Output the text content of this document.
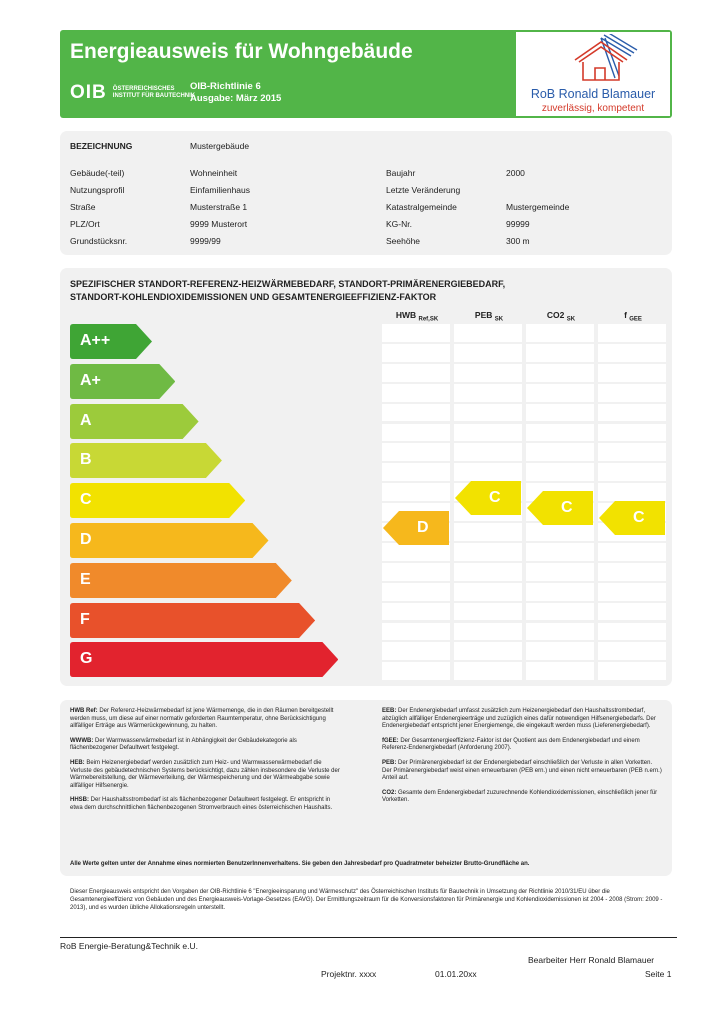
Energieausweis für Wohngebäude
OIB ÖSTERREICHISCHES
INSTITUT FÜR BAUTECHNIK
OIB-Richtlinie 6
Ausgabe: März 2015	RoB Ronald Blamauer
zuverlässig, kompetent
BEZEICHNUNG	Mustergebäude
Gebäude(-teil)	Wohneinheit
Nutzungsprofil	Einfamilienhaus
Straße	Musterstraße 1
PLZ/Ort	9999 Musterort
Grundstücksnr.	9999/99
Baujahr	2000
Letzte Veränderung
Katastralgemeinde	Mustergemeinde
KG-Nr.	99999
Seehöhe	300 m
SPEZIFISCHER STANDORT-REFERENZ-HEIZWÄRMEBEDARF, STANDORT-PRIMÄRENERGIEBEDARF,
STANDORT-KOHLENDIOXIDEMISSIONEN UND GESAMTENERGIEEFFIZIENZ-FAKTOR
HWB $_{Ref,SK}$	PEB $_{SK}$	CO2 $_{SK}$	f $_{GEE}$
A++
A+
A
B
C
D
E
F
G
D
C
C
C

HWB Ref: Der Referenz-Heizwärmebedarf ist jene Wärmemenge, die in den Räumen bereitgestellt werden muss, um diese auf einer normativ geforderten Raumtemperatur, ohne Berücksichtigung allfälliger Erträge aus Wärmerückgewinnung, zu halten.

WWWB: Der Warmwasserwärmebedarf ist in Abhängigkeit der Gebäudekategorie als flächenbezogener Defaultwert festgelegt.

HEB: Beim Heizenergiebedarf werden zusätzlich zum Heiz- und Warmwasserwärmebedarf die Verluste des gebäudetechnischen Systems berücksichtigt, dazu zählen insbesondere die Verluste der Wärmebereitstellung, der Wärmeverteilung, der Wärmespeicherung und der Wärmeabgabe sowie allfälliger Hilfsenergie.

HHSB: Der Haushaltsstrombedarf ist als flächenbezogener Defaultwert festgelegt. Er entspricht in etwa dem durchschnittlichen flächenbezogenen Stromverbrauch eines österreichischen Haushalts.

EEB: Der Endenergiebedarf umfasst zusätzlich zum Heizenergiebedarf den Haushaltsstrombedarf, abzüglich allfälliger Endenergieerträge und zuzüglich eines dafür notwendigen Hilfsenergiebedarfs. Der Endenergiebedarf entspricht jener Energiemenge, die eingekauft werden muss (Lieferenergiebedarf).

fGEE: Der Gesamtenergieeffizienz-Faktor ist der Quotient aus dem Endenergiebedarf und einem Referenz-Endenergiebedarf (Anforderung 2007).

PEB: Der Primärenergiebedarf ist der Endenergiebedarf einschließlich der Verluste in allen Vorketten. Der Primärenergiebedarf weist einen erneuerbaren (PEB ern.) und einen nicht erneuerbaren (PEB n.ern.) Anteil auf.

CO2: Gesamte dem Endenergiebedarf zuzurechnende Kohlendioxidemissionen, einschließlich jener für Vorketten.

Alle Werte gelten unter der Annahme eines normierten BenutzerInnenverhaltens. Sie geben den Jahresbedarf pro Quadratmeter beheizter Brutto-Grundfläche an.
Dieser Energieausweis entspricht den Vorgaben der OIB-Richtlinie 6 "Energieeinsparung und Wärmeschutz" des Österreichischen Instituts für Bautechnik in Umsetzung der Richtlinie 2010/31/EU über die Gesamtenergieeffizienz von Gebäuden und des Energieausweis-Vorlage-Gesetzes (EAVG). Der Ermittlungszeitraum für die Konversionsfaktoren für Primärenergie und Kohlendioxidemissionen ist 2004 - 2008 (Strom: 2009 - 2013), und es wurden übliche Allokationsregeln unterstellt.
RoB Energie-Beratung&Technik e.U.
Bearbeiter Herr Ronald Blamauer
Projektnr. xxxx	01.01.20xx	Seite 1
